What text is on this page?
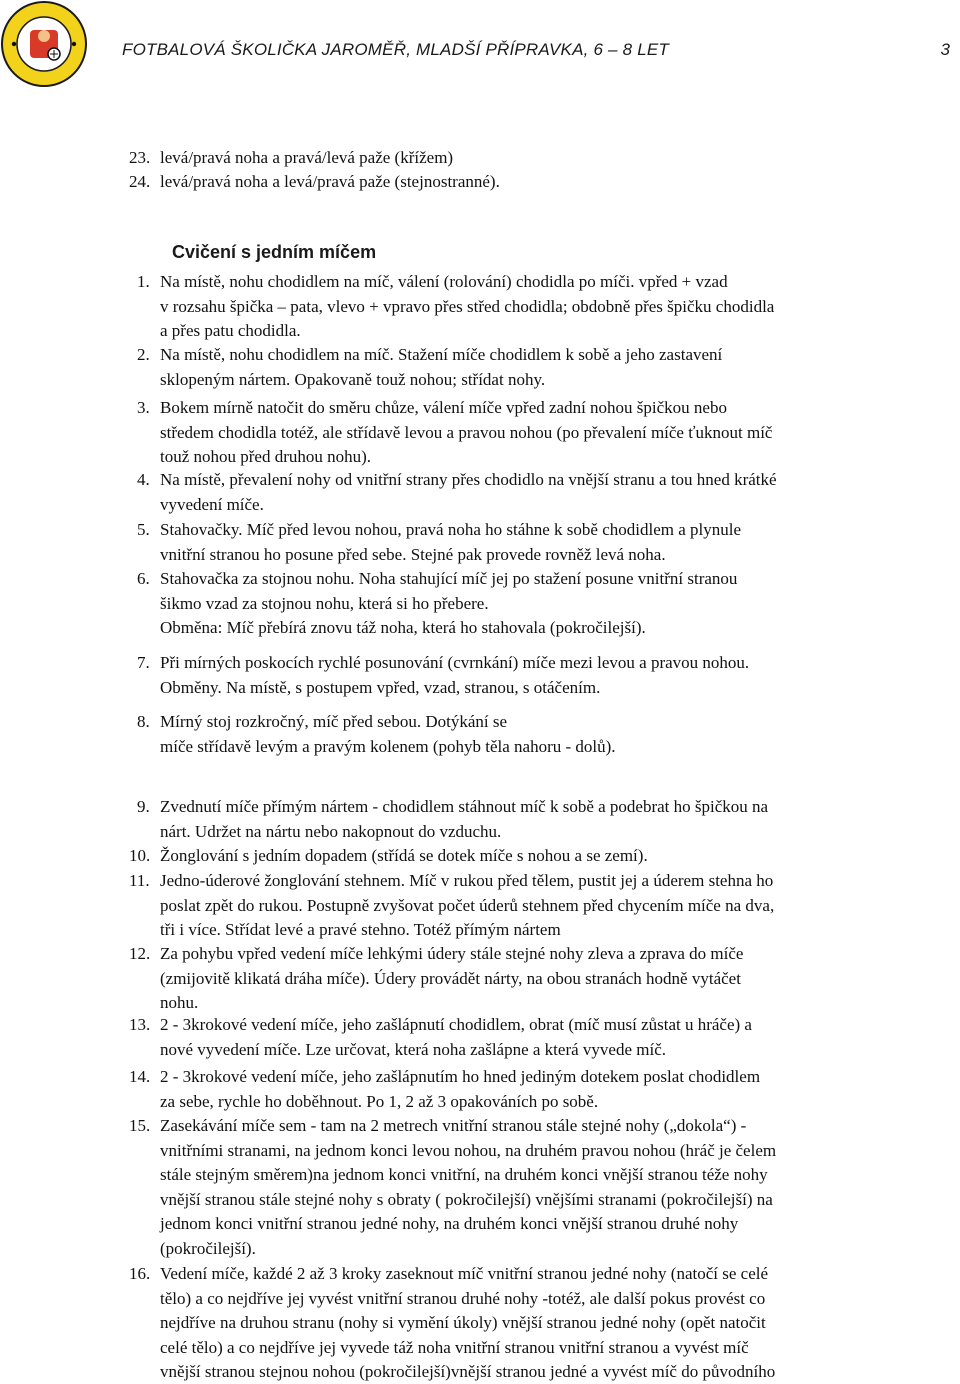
FOTBALOVÁ ŠKOLIČKA JAROMĚŘ, MLADŠÍ PŘÍPRAVKA, 6 – 8 LET	3
23. levá/pravá noha a pravá/levá paže (křížem)
24. levá/pravá noha a levá/pravá paže (stejnostranné).
Cvičení s jedním míčem
1. Na místě, nohu chodidlem na míč, válení (rolování) chodidla po míči. vpřed + vzad
v rozsahu špička – pata, vlevo + vpravo přes střed chodidla; obdobně přes špičku chodidla
a přes patu chodidla.
2. Na místě, nohu chodidlem na míč. Stažení míče chodidlem k sobě a jeho zastavení
sklopeným nártem. Opakovaně touž nohou; střídat nohy.
3. Bokem mírně natočit do směru chůze, válení míče vpřed zadní nohou špičkou nebo
středem chodidla totéž, ale střídavě levou a pravou nohou (po převalení míče ťuknout míč
touž nohou před druhou nohu).
4. Na místě, převalení nohy od vnitřní strany přes chodidlo na vnější stranu a tou hned krátké
vyvedení míče.
5. Stahovačky. Míč před levou nohou, pravá noha ho stáhne k sobě chodidlem a plynule
vnitřní stranou ho posune před sebe. Stejné pak provede rovněž levá noha.
6. Stahovačka za stojnou nohu. Noha stahující míč jej po stažení posune vnitřní stranou
šikmo vzad za stojnou nohu, která si ho přebere.
Obměna: Míč přebírá znovu táž noha, která ho stahovala (pokročilejší).
7. Při mírných poskocích rychlé posunování (cvrnkání) míče mezi levou a pravou nohou.
Obměny. Na místě, s postupem vpřed, vzad, stranou, s otáčením.
8. Mírný stoj rozkročný, míč před sebou. Dotýkání se
míče střídavě levým a pravým kolenem (pohyb těla nahoru - dolů).
9. Zvednutí míče přímým nártem - chodidlem stáhnout míč k sobě a podebrat ho špičkou na
nárt. Udržet na nártu nebo nakopnout do vzduchu.
10. Žonglování s jedním dopadem (střídá se dotek míče s nohou a se zemí).
11. Jedno-úderové žonglování stehnem. Míč v rukou před tělem, pustit jej a úderem stehna ho
poslat zpět do rukou. Postupně zvyšovat počet úderů stehnem před chycením míče na dva,
tři i více. Střídat levé a pravé stehno. Totéž přímým nártem
12. Za pohybu vpřed vedení míče lehkými údery stále stejné nohy zleva a zprava do míče
(zmijovitě klikatá dráha míče). Údery provádět nárty, na obou stranách hodně vytáčet
nohu.
13. 2 - 3krokové vedení míče, jeho zašlápnutí chodidlem, obrat (míč musí zůstat u hráče) a
nové vyvedení míče. Lze určovat, která noha zašlápne a která vyvede míč.
14. 2 - 3krokové vedení míče, jeho zašlápnutím ho hned jediným dotekem poslat chodidlem
za sebe, rychle ho doběhnout. Po 1, 2 až 3 opakováních po sobě.
15. Zasekávání míče sem - tam na 2 metrech vnitřní stranou stále stejné nohy („dokola“) -
vnitřními stranami, na jednom konci levou nohou, na druhém pravou nohou (hráč je čelem
stále stejným směrem)na jednom konci vnitřní, na druhém konci vnější stranou téže nohy
vnější stranou stále stejné nohy s obraty ( pokročilejší) vnějšími stranami (pokročilejší) na
jednom konci vnitřní stranou jedné nohy, na druhém konci vnější stranou druhé nohy
(pokročilejší).
16. Vedení míče, každé 2 až 3 kroky zaseknout míč vnitřní stranou jedné nohy (natočí se celé
tělo) a co nejdříve jej vyvést vnitřní stranou druhé nohy -totéž, ale další pokus provést co
nejdříve na druhou stranu (nohy si vymění úkoly) vnější stranou jedné nohy (opět natočit
celé tělo) a co nejdříve jej vyvede táž noha vnitřní stranou vnitřní stranou a vyvést míč
vnější stranou stejnou nohou (pokročilejší)vnější stranou jedné a vyvést míč do původního
